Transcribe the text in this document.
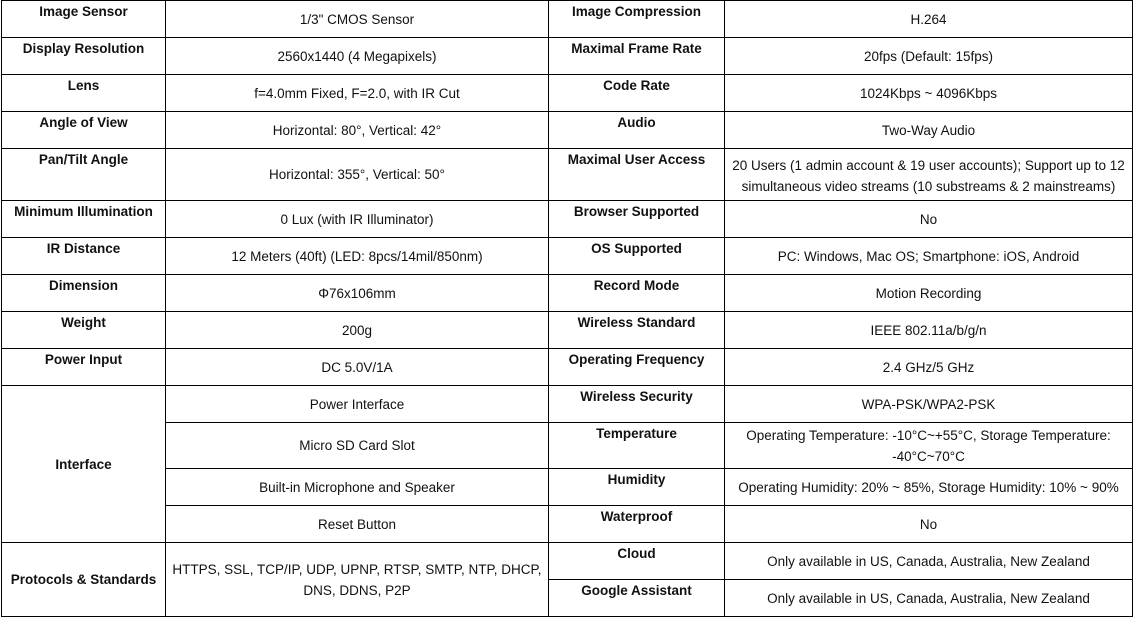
Image Sensor	1/3" CMOS Sensor	Image Compression	H.264
Display Resolution	2560x1440 (4 Megapixels)	Maximal Frame Rate	20fps (Default: 15fps)
Lens	f=4.0mm Fixed, F=2.0, with IR Cut	Code Rate	1024Kbps ~ 4096Kbps
Angle of View	Horizontal: 80°, Vertical: 42°	Audio	Two-Way Audio
Pan/Tilt Angle	Horizontal: 355°, Vertical: 50°	Maximal User Access	20 Users (1 admin account & 19 user accounts); Support up to 12 simultaneous video streams (10 substreams & 2 mainstreams)
Minimum Illumination	0 Lux (with IR Illuminator)	Browser Supported	No
IR Distance	12 Meters (40ft) (LED: 8pcs/14mil/850nm)	OS Supported	PC: Windows, Mac OS; Smartphone: iOS, Android
Dimension	Φ76x106mm	Record Mode	Motion Recording
Weight	200g	Wireless Standard	IEEE 802.11a/b/g/n
Power Input	DC 5.0V/1A	Operating Frequency	2.4 GHz/5 GHz
Interface	Power Interface	Wireless Security	WPA-PSK/WPA2-PSK
	Micro SD Card Slot	Temperature	Operating Temperature: -10°C~+55°C, Storage Temperature: -40°C~70°C
	Built-in Microphone and Speaker	Humidity	Operating Humidity: 20% ~ 85%, Storage Humidity: 10% ~ 90%
	Reset Button	Waterproof	No
Protocols & Standards	HTTPS, SSL, TCP/IP, UDP, UPNP, RTSP, SMTP, NTP, DHCP, DNS, DDNS, P2P	Cloud	Only available in US, Canada, Australia, New Zealand
		Google Assistant	Only available in US, Canada, Australia, New Zealand
